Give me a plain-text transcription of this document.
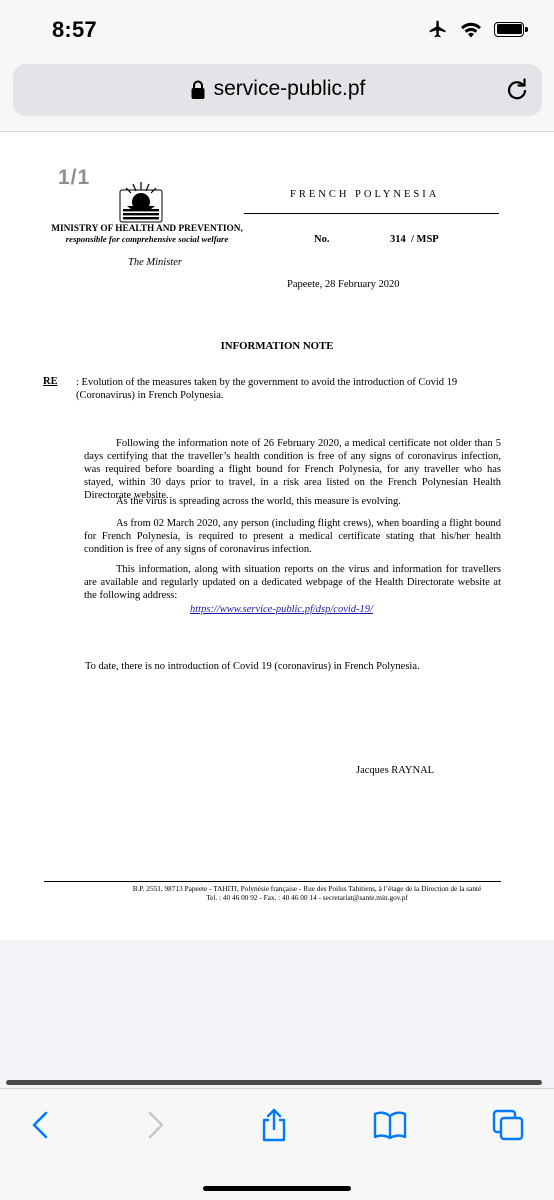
8:57
service-public.pf
1/1
MINISTRY OF HEALTH AND PREVENTION,
responsible for comprehensive social welfare
The Minister
FRENCH POLYNESIA
No.	314  / MSP
Papeete, 28 February 2020
INFORMATION NOTE
RE : Evolution of the measures taken by the government to avoid the introduction of Covid 19 (Coronavirus) in French Polynesia.
Following the information note of 26 February 2020, a medical certificate not older than 5 days certifying that the traveller’s health condition is free of any signs of coronavirus infection, was required before boarding a flight bound for French Polynesia, for any traveller who has stayed, within 30 days prior to travel, in a risk area listed on the French Polynesian Health Directorate website.
As the virus is spreading across the world, this measure is evolving.
As from 02 March 2020, any person (including flight crews), when boarding a flight bound for French Polynesia, is required to present a medical certificate stating that his/her health condition is free of any signs of coronavirus infection.
This information, along with situation reports on the virus and information for travellers are available and regularly updated on a dedicated webpage of the Health Directorate website at the following address:
https://www.service-public.pf/dsp/covid-19/
To date, there is no introduction of Covid 19 (coronavirus) in French Polynesia.
Jacques RAYNAL
B.P. 2551, 98713 Papeete - TAHITI, Polynésie française - Rue des Poilus Tahitiens, à l’étage de la Direction de la santé
Tel. : 40 46 00 92 - Fax. : 40 46 00 14 - secretariat@sante.min.gov.pf
